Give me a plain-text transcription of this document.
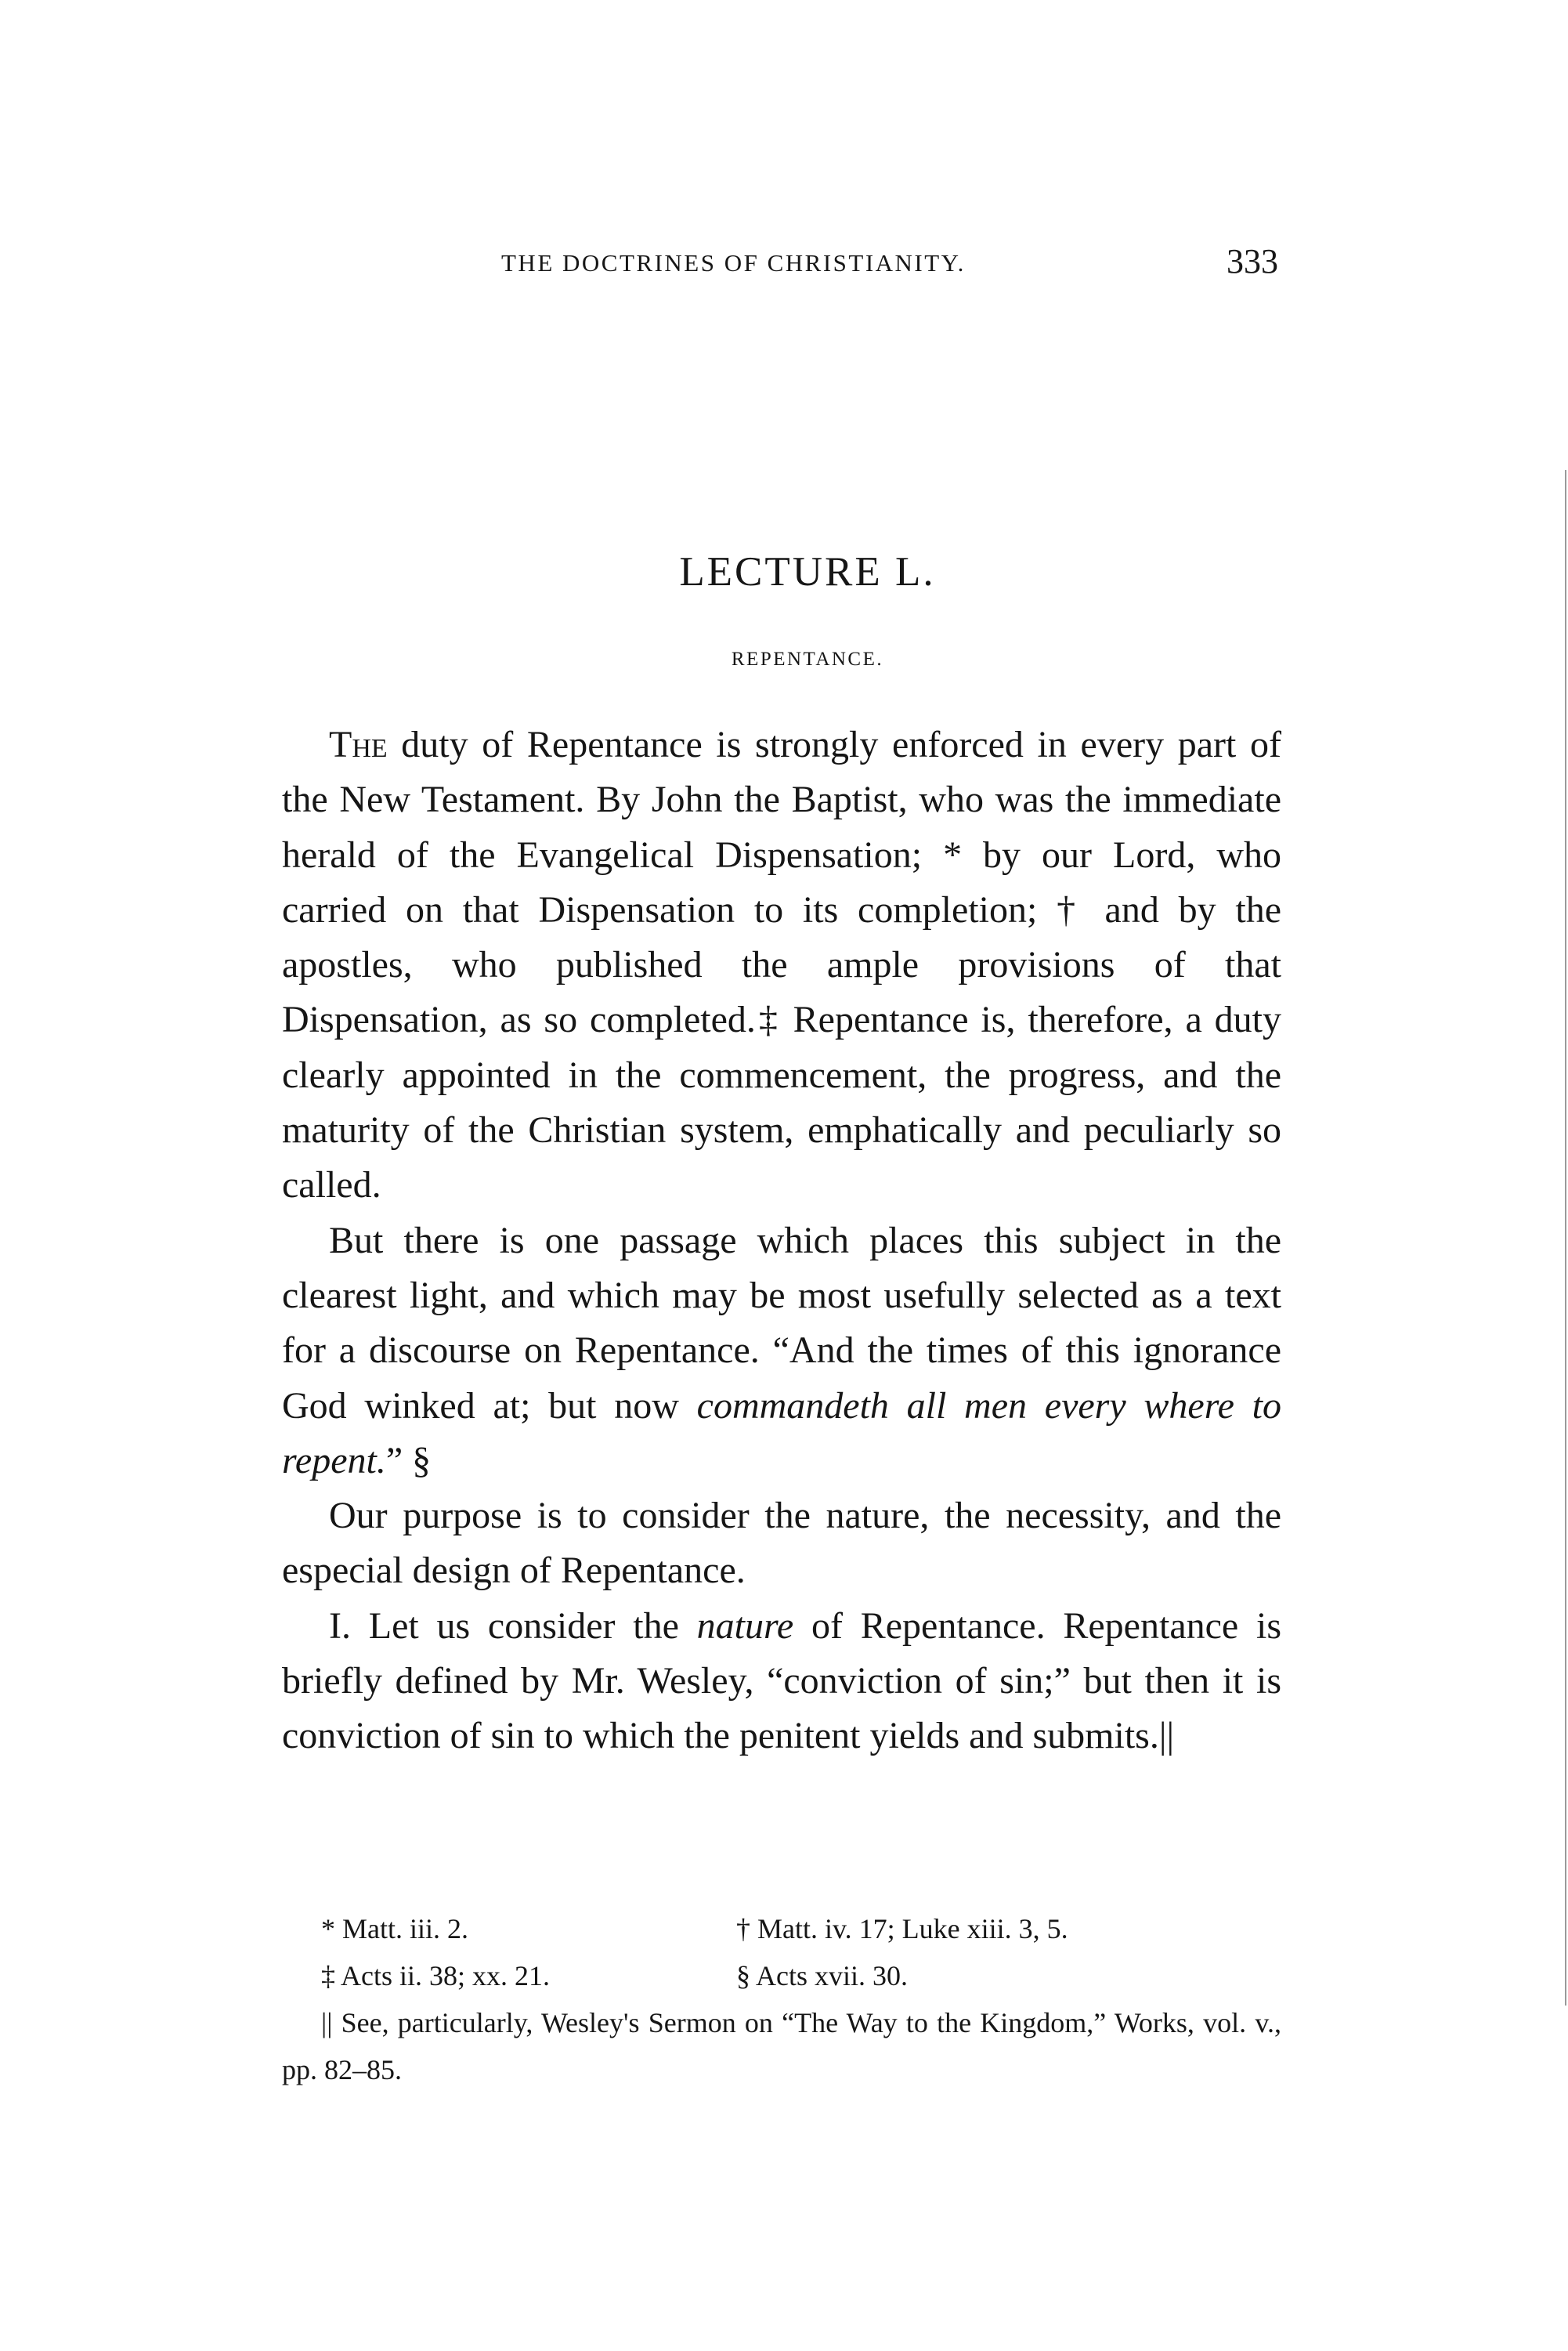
THE DOCTRINES OF CHRISTIANITY.	333
LECTURE L.
REPENTANCE.

The duty of Repentance is strongly enforced in every part of the New Testament. By John the Baptist, who was the immediate herald of the Evangelical Dispensation; * by our Lord, who carried on that Dispensation to its completion; † and by the apostles, who published the ample provisions of that Dispensation, as so completed.‡ Repentance is, therefore, a duty clearly appointed in the commencement, the progress, and the maturity of the Christian system, emphatically and peculiarly so called.

But there is one passage which places this subject in the clearest light, and which may be most usefully selected as a text for a discourse on Repentance. “And the times of this ignorance God winked at; but now commandeth all men every where to repent.” §

Our purpose is to consider the nature, the necessity, and the especial design of Repentance.

I. Let us consider the nature of Repentance. Repentance is briefly defined by Mr. Wesley, “conviction of sin;” but then it is conviction of sin to which the penitent yields and submits.||

* Matt. iii. 2.	† Matt. iv. 17; Luke xiii. 3, 5.
‡ Acts ii. 38; xx. 21.	§ Acts xvii. 30.
|| See, particularly, Wesley's Sermon on “The Way to the Kingdom,” Works, vol. v., pp. 82–85.
